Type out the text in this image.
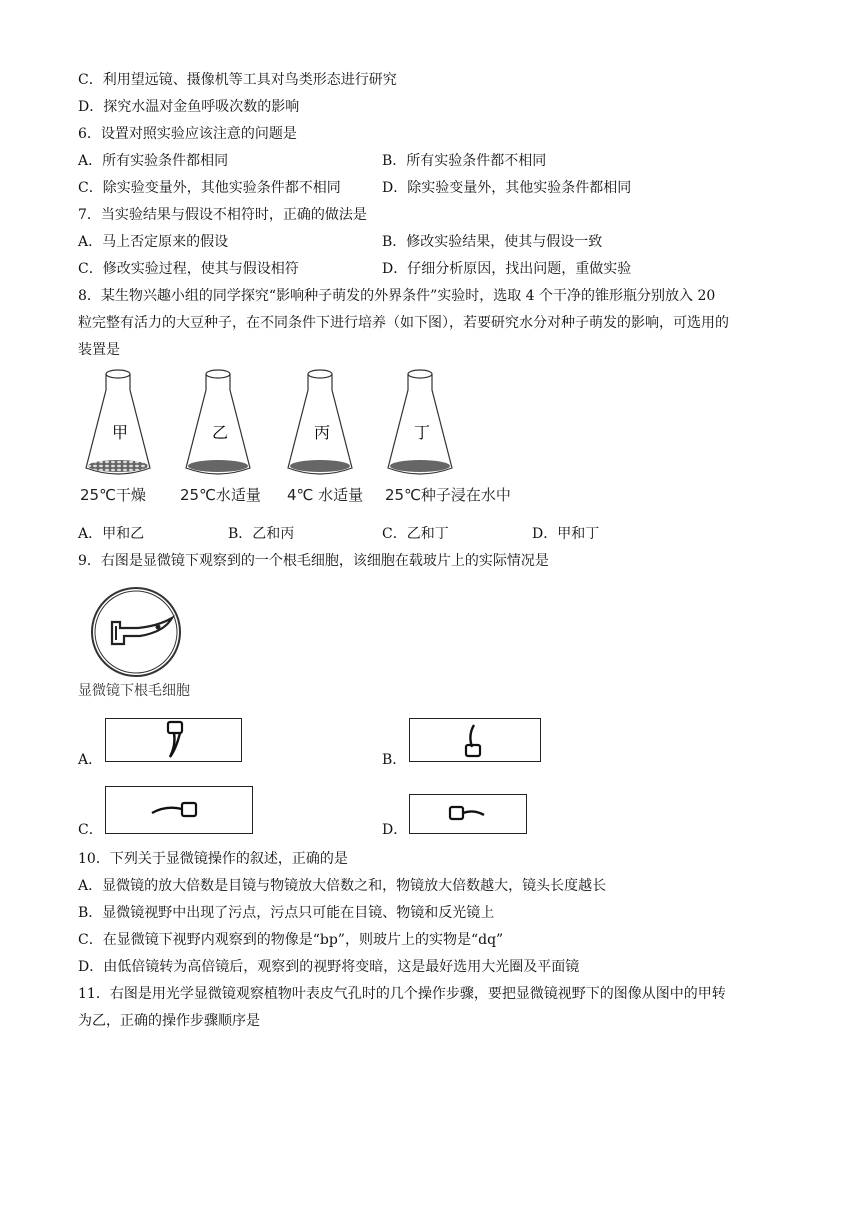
C．利用望远镜、摄像机等工具对鸟类形态进行研究
D．探究水温对金鱼呼吸次数的影响
6．设置对照实验应该注意的问题是
A．所有实验条件都相同	B．所有实验条件都不相同
C．除实验变量外，其他实验条件都不相同	D．除实验变量外，其他实验条件都相同
7．当实验结果与假设不相符时，正确的做法是
A．马上否定原来的假设	B．修改实验结果，使其与假设一致
C．修改实验过程，使其与假设相符	D．仔细分析原因，找出问题，重做实验
8．某生物兴趣小组的同学探究“影响种子萌发的外界条件”实验时，选取 4 个干净的锥形瓶分别放入 20
粒完整有活力的大豆种子，在不同条件下进行培养（如下图），若要研究水分对种子萌发的影响，可选用的
装置是
甲
25℃干燥
乙
25℃水适量
丙
4℃ 水适量
丁
25℃种子浸在水中
A．甲和乙	B．乙和丙	C．乙和丁	D．甲和丁
9．右图是显微镜下观察到的一个根毛细胞，该细胞在载玻片上的实际情况是
显微镜下根毛细胞
A．	B．
C．	D．
10．下列关于显微镜操作的叙述，正确的是
A．显微镜的放大倍数是目镜与物镜放大倍数之和，物镜放大倍数越大，镜头长度越长
B．显微镜视野中出现了污点，污点只可能在目镜、物镜和反光镜上
C．在显微镜下视野内观察到的物像是“bp”，则玻片上的实物是“dq”
D．由低倍镜转为高倍镜后，观察到的视野将变暗，这是最好选用大光圈及平面镜
11．右图是用光学显微镜观察植物叶表皮气孔时的几个操作步骤，要把显微镜视野下的图像从图中的甲转
为乙，正确的操作步骤顺序是
